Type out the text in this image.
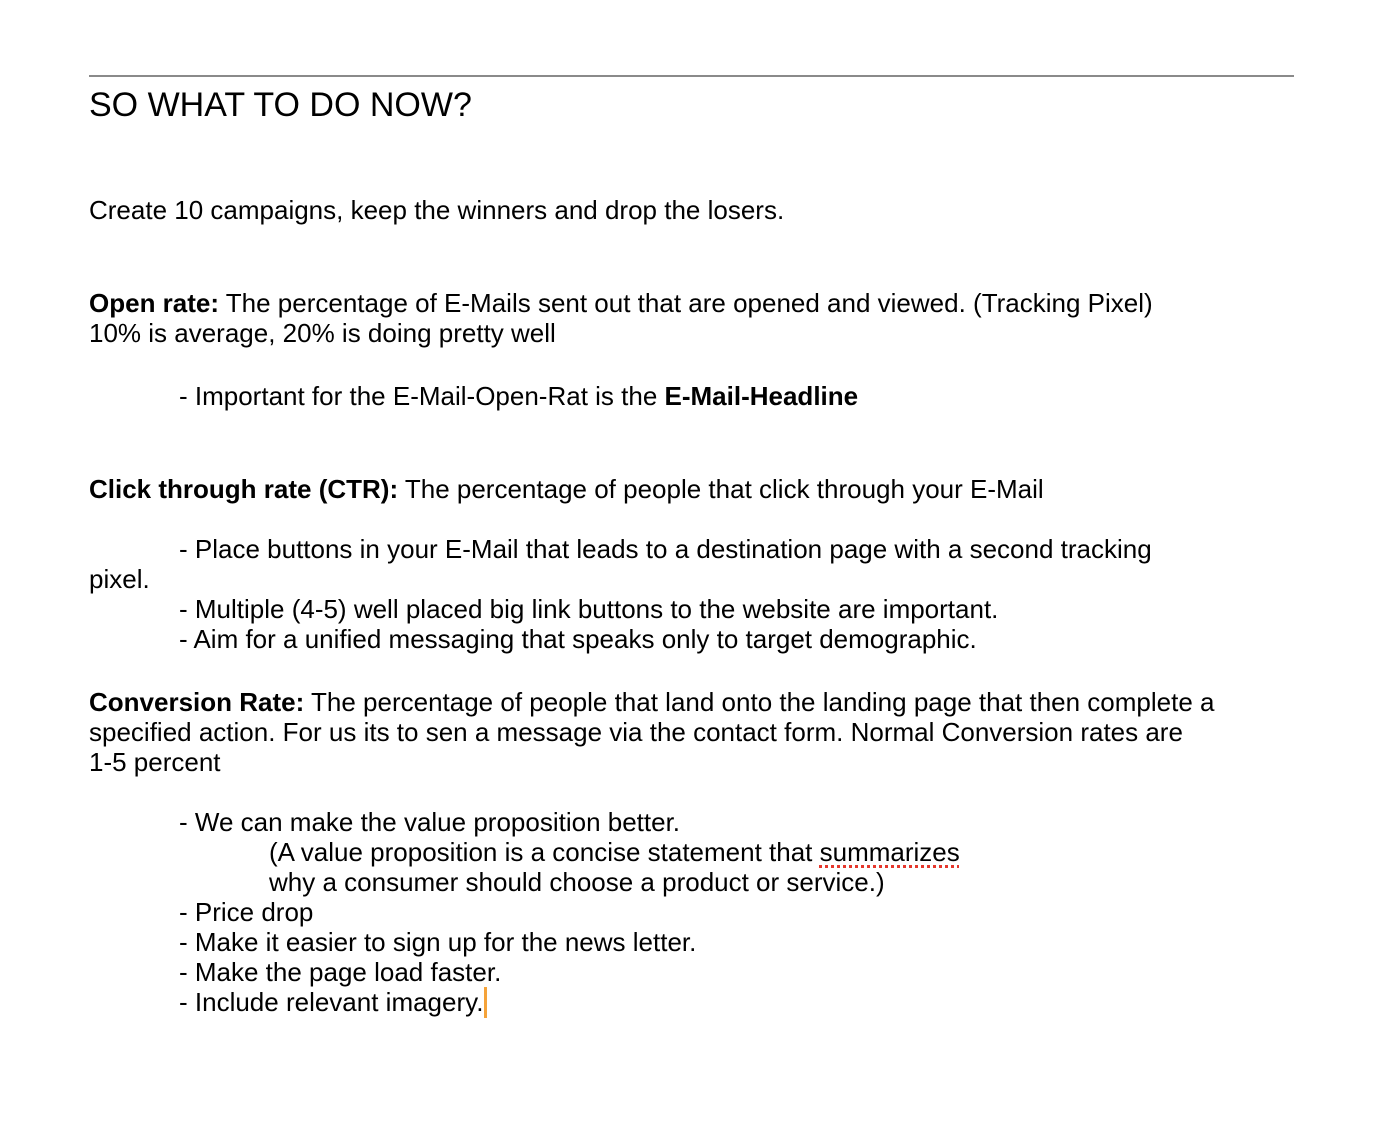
SO WHAT TO DO NOW?
Create 10 campaigns, keep the winners and drop the losers.
Open rate: The percentage of E-Mails sent out that are opened and viewed. (Tracking Pixel)
10% is average, 20% is doing pretty well
- Important for the E-Mail-Open-Rat is the E-Mail-Headline
Click through rate (CTR): The percentage of people that click through your E-Mail
- Place buttons in your E-Mail that leads to a destination page with a second tracking
pixel.
- Multiple (4-5) well placed big link buttons to the website are important.
- Aim for a unified messaging that speaks only to target demographic.
Conversion Rate: The percentage of people that land onto the landing page that then complete a
specified action. For us its to sen a message via the contact form. Normal Conversion rates are
1-5 percent
- We can make the value proposition better.
(A value proposition is a concise statement that summarizes
why a consumer should choose a product or service.)
- Price drop
- Make it easier to sign up for the news letter.
- Make the page load faster.
- Include relevant imagery.
